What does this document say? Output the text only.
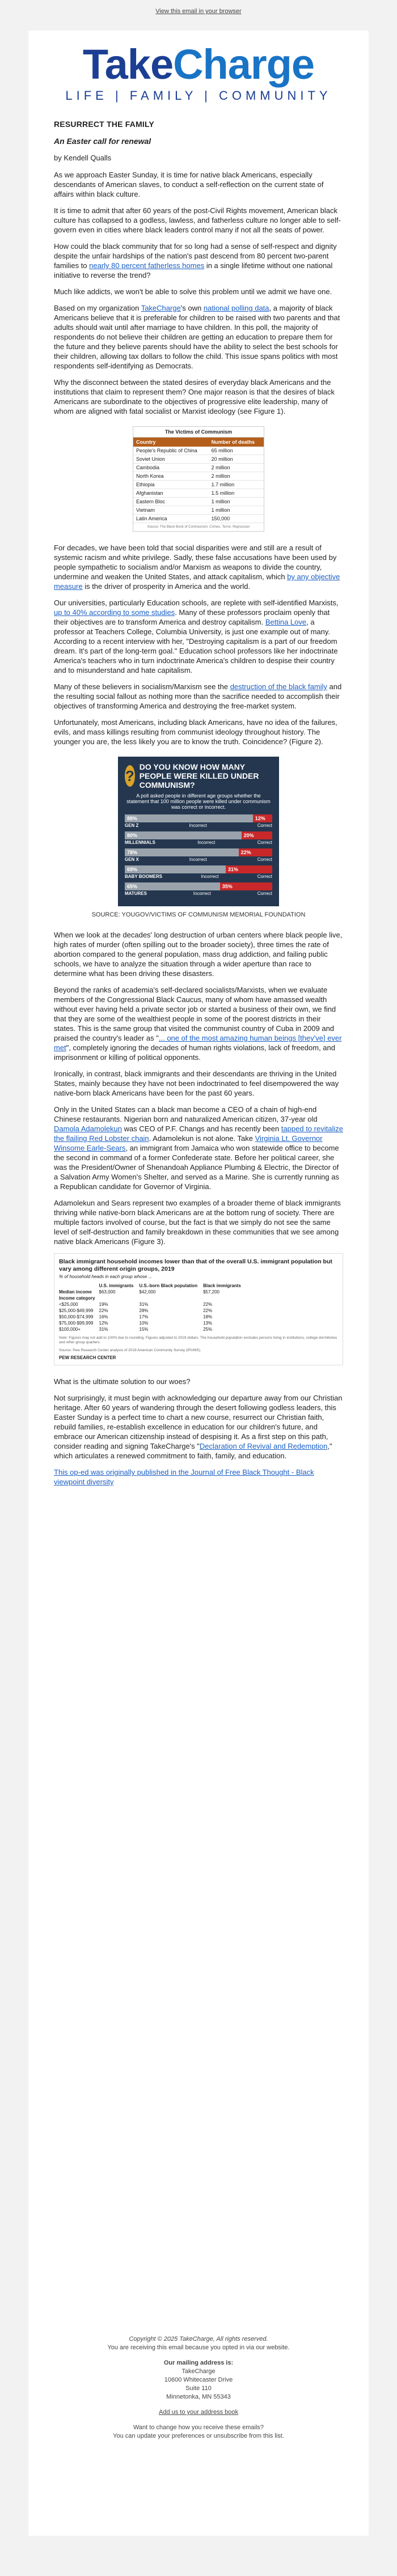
View this email in your browser
TakeCharge
LIFE | FAMILY | COMMUNITY
RESURRECT THE FAMILY
An Easter call for renewal
by Kendell Qualls

As we approach Easter Sunday, it is time for native black Americans, especially descendants of American slaves, to conduct a self-reflection on the current state of affairs within black culture.

It is time to admit that after 60 years of the post-Civil Rights movement, American black culture has collapsed to a godless, lawless, and fatherless culture no longer able to self-govern even in cities where black leaders control many if not all the seats of power.

How could the black community that for so long had a sense of self-respect and dignity despite the unfair hardships of the nation's past descend from 80 percent two-parent families to nearly 80 percent fatherless homes in a single lifetime without one national initiative to reverse the trend?

Much like addicts, we won't be able to solve this problem until we admit we have one.

Based on my organization TakeCharge's own national polling data, a majority of black Americans believe that it is preferable for children to be raised with two parents and that adults should wait until after marriage to have children. In this poll, the majority of respondents do not believe their children are getting an education to prepare them for the future and they believe parents should have the ability to select the best schools for their children, allowing tax dollars to follow the child. This issue spans politics with most respondents self-identifying as Democrats.

Why the disconnect between the stated desires of everyday black Americans and the institutions that claim to represent them? One major reason is that the desires of black Americans are subordinate to the objectives of progressive elite leadership, many of whom are aligned with fatal socialist or Marxist ideology (see Figure 1).

The Victims of Communism
Country	Number of deaths
People's Republic of China	65 million
Soviet Union	20 million
Cambodia	2 million
North Korea	2 million
Ethiopia	1.7 million
Afghanistan	1.5 million
Eastern Bloc	1 million
Vietnam	1 million
Latin America	150,000
Source: The Black Book of Communism: Crimes, Terror, Repression

For decades, we have been told that social disparities were and still are a result of systemic racism and white privilege. Sadly, these false accusations have been used by people sympathetic to socialism and/or Marxism as weapons to divide the country, undermine and weaken the United States, and attack capitalism, which by any objective measure is the driver of prosperity in America and the world.

Our universities, particularly Education schools, are replete with self-identified Marxists, up to 40% according to some studies. Many of these professors proclaim openly that their objectives are to transform America and destroy capitalism. Bettina Love, a professor at Teachers College, Columbia University, is just one example out of many. According to a recent interview with her, "Destroying capitalism is a part of our freedom dream. It's part of the long-term goal." Education school professors like her indoctrinate America's teachers who in turn indoctrinate America's children to despise their country and to misunderstand and hate capitalism.

Many of these believers in socialism/Marxism see the destruction of the black family and the resulting social fallout as nothing more than the sacrifice needed to accomplish their objectives of transforming America and destroying the free-market system.

Unfortunately, most Americans, including black Americans, have no idea of the failures, evils, and mass killings resulting from communist ideology throughout history. The younger you are, the less likely you are to know the truth. Coincidence? (Figure 2).

?
DO YOU KNOW HOW MANY PEOPLE WERE KILLED UNDER COMMUNISM?
A poll asked people in different age groups whether the statement that 100 million people were killed under communism was correct or incorrect.
88%	12%
GEN Z	Incorrect	Correct
80%	20%
MILLENNIALS	Incorrect	Correct
78%	22%
GEN X	Incorrect	Correct
69%	31%
BABY BOOMERS	Incorrect	Correct
65%	35%
MATURES	Incorrect	Correct
SOURCE: YOUGOV/VICTIMS OF COMMUNISM MEMORIAL FOUNDATION

When we look at the decades' long destruction of urban centers where black people live, high rates of murder (often spilling out to the broader society), three times the rate of abortion compared to the general population, mass drug addiction, and failing public schools, we have to analyze the situation through a wider aperture than race to determine what has been driving these disasters.

Beyond the ranks of academia's self-declared socialists/Marxists, when we evaluate members of the Congressional Black Caucus, many of whom have amassed wealth without ever having held a private sector job or started a business of their own, we find that they are some of the wealthiest people in some of the poorest districts in their states. This is the same group that visited the communist country of Cuba in 2009 and praised the country's leader as "... one of the most amazing human beings [they've] ever met", completely ignoring the decades of human rights violations, lack of freedom, and imprisonment or killing of political opponents.

Ironically, in contrast, black immigrants and their descendants are thriving in the United States, mainly because they have not been indoctrinated to feel disempowered the way native-born black Americans have been for the past 60 years.

Only in the United States can a black man become a CEO of a chain of high-end Chinese restaurants. Nigerian born and naturalized American citizen, 37-year old Damola Adamolekun was CEO of P.F. Changs and has recently been tapped to revitalize the flailing Red Lobster chain. Adamolekun is not alone. Take Virginia Lt. Governor Winsome Earle-Sears, an immigrant from Jamaica who won statewide office to become the second in command of a former Confederate state. Before her political career, she was the President/Owner of Shenandoah Appliance Plumbing & Electric, the Director of a Salvation Army Women's Shelter, and served as a Marine. She is currently running as a Republican candidate for Governor of Virginia.

Adamolekun and Sears represent two examples of a broader theme of black immigrants thriving while native-born black Americans are at the bottom rung of society. There are multiple factors involved of course, but the fact is that we simply do not see the same level of self-destruction and family breakdown in these communities that we see among native black Americans (Figure 3).

Black immigrant household incomes lower than that of the overall U.S. immigrant population but vary among different origin groups, 2019
% of household heads in each group whose ...
	U.S. immigrants	U.S.-born Black population	Black immigrants
Median income	$63,000	$42,000	$57,200
Income category			
<$25,000	19%	31%	22%
$25,000-$49,999	22%	28%	22%
$50,000-$74,999	16%	17%	18%
$75,000-$99,999	12%	10%	13%
$100,000+	31%	15%	25%
Note: Figures may not add to 100% due to rounding. Figures adjusted to 2019 dollars. The household population excludes persons living in institutions, college dormitories and other group quarters.
Source: Pew Research Center analysis of 2019 American Community Survey (IPUMS).
PEW RESEARCH CENTER

What is the ultimate solution to our woes?

Not surprisingly, it must begin with acknowledging our departure away from our Christian heritage. After 60 years of wandering through the desert following godless leaders, this Easter Sunday is a perfect time to chart a new course, resurrect our Christian faith, rebuild families, re-establish excellence in education for our children's future, and embrace our American citizenship instead of despising it. As a first step on this path, consider reading and signing TakeCharge's "Declaration of Revival and Redemption," which articulates a renewed commitment to faith, family, and education.

This op-ed was originally published in the Journal of Free Black Thought - Black viewpoint diversity

Copyright © 2025 TakeCharge, All rights reserved.
You are receiving this email because you opted in via our website.
Our mailing address is:
TakeCharge
10600 Whitecaster Drive
Suite 110
Minnetonka, MN 55343
Add us to your address book
Want to change how you receive these emails?
You can update your preferences or unsubscribe from this list.
